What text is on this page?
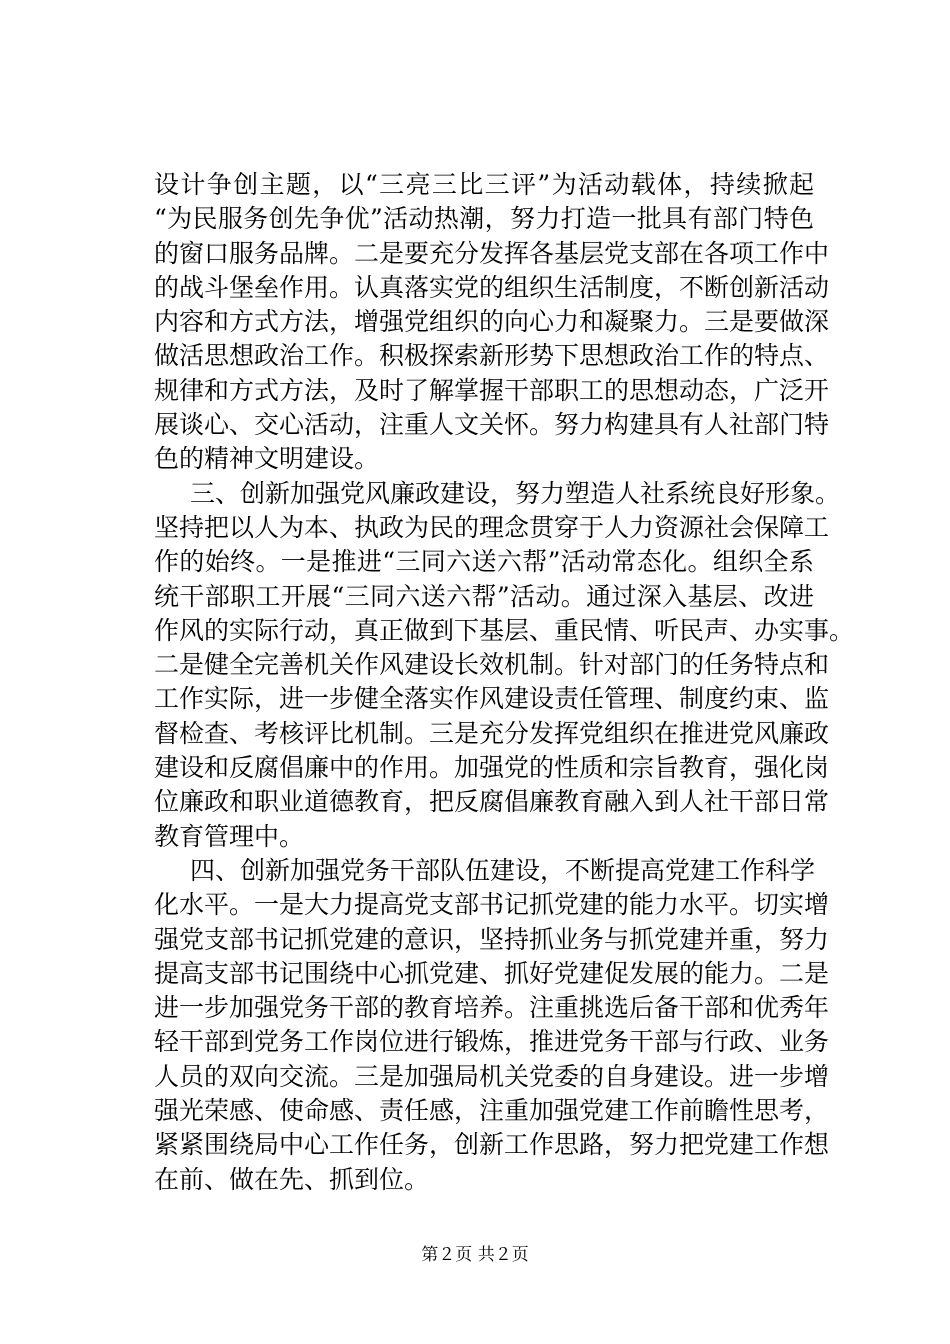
设计争创主题，以“三亮三比三评”为活动载体，持续掀起
“为民服务创先争优”活动热潮，努力打造一批具有部门特色
的窗口服务品牌。二是要充分发挥各基层党支部在各项工作中
的战斗堡垒作用。认真落实党的组织生活制度，不断创新活动
内容和方式方法，增强党组织的向心力和凝聚力。三是要做深
做活思想政治工作。积极探索新形势下思想政治工作的特点、
规律和方式方法，及时了解掌握干部职工的思想动态，广泛开
展谈心、交心活动，注重人文关怀。努力构建具有人社部门特
色的精神文明建设。
三、创新加强党风廉政建设，努力塑造人社系统良好形象。
坚持把以人为本、执政为民的理念贯穿于人力资源社会保障工
作的始终。一是推进“三同六送六帮”活动常态化。组织全系
统干部职工开展“三同六送六帮”活动。通过深入基层、改进
作风的实际行动，真正做到下基层、重民情、听民声、办实事。
二是健全完善机关作风建设长效机制。针对部门的任务特点和
工作实际，进一步健全落实作风建设责任管理、制度约束、监
督检查、考核评比机制。三是充分发挥党组织在推进党风廉政
建设和反腐倡廉中的作用。加强党的性质和宗旨教育，强化岗
位廉政和职业道德教育，把反腐倡廉教育融入到人社干部日常
教育管理中。
四、创新加强党务干部队伍建设，不断提高党建工作科学
化水平。一是大力提高党支部书记抓党建的能力水平。切实增
强党支部书记抓党建的意识，坚持抓业务与抓党建并重，努力
提高支部书记围绕中心抓党建、抓好党建促发展的能力。二是
进一步加强党务干部的教育培养。注重挑选后备干部和优秀年
轻干部到党务工作岗位进行锻炼，推进党务干部与行政、业务
人员的双向交流。三是加强局机关党委的自身建设。进一步增
强光荣感、使命感、责任感，注重加强党建工作前瞻性思考，
紧紧围绕局中心工作任务，创新工作思路，努力把党建工作想
在前、做在先、抓到位。
第２页 共２页
